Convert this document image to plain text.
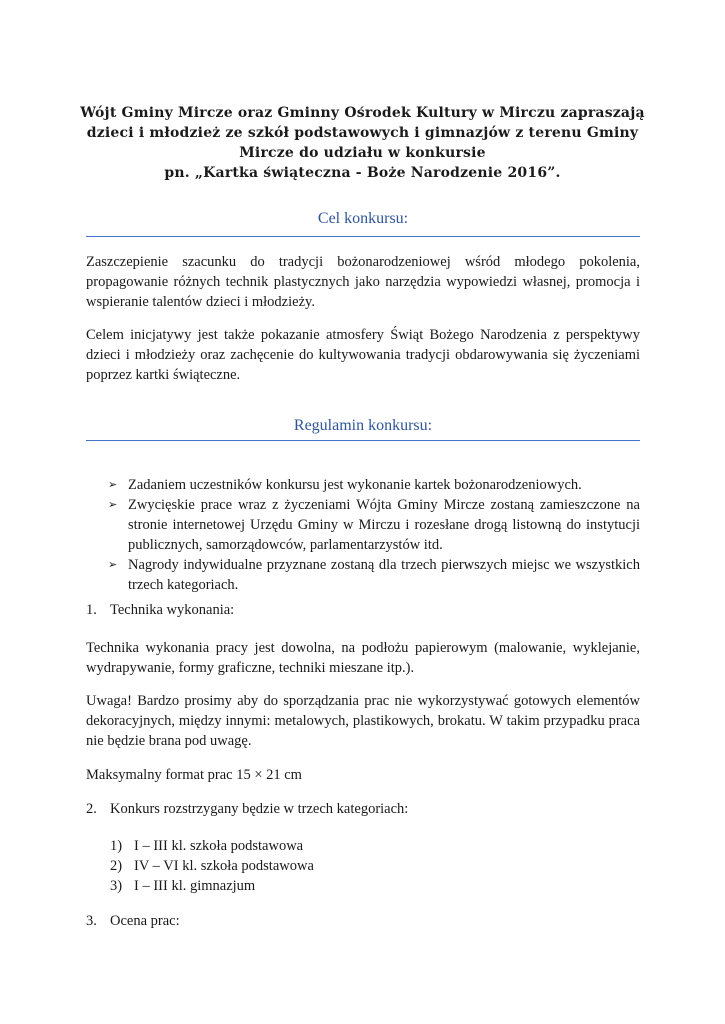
Wójt Gminy Mircze oraz Gminny Ośrodek Kultury w Mirczu zapraszają
dzieci i młodzież ze szkół podstawowych i gimnazjów z terenu Gminy
Mircze do udziału w konkursie
pn. „Kartka świąteczna - Boże Narodzenie 2016”.
Cel konkursu:
Zaszczepienie szacunku do tradycji bożonarodzeniowej wśród młodego pokolenia, propagowanie różnych technik plastycznych jako narzędzia wypowiedzi własnej, promocja i wspieranie talentów dzieci i młodzieży.
Celem inicjatywy jest także pokazanie atmosfery Świąt Bożego Narodzenia z perspektywy dzieci i młodzieży oraz zachęcenie do kultywowania tradycji obdarowywania się życzeniami poprzez kartki świąteczne.
Regulamin konkursu:
➢ Zadaniem uczestników konkursu jest wykonanie kartek bożonarodzeniowych.
➢ Zwycięskie prace wraz z życzeniami Wójta Gminy Mircze zostaną zamieszczone na stronie internetowej Urzędu Gminy w Mirczu i rozesłane drogą listowną do instytucji publicznych, samorządowców, parlamentarzystów itd.
➢ Nagrody indywidualne przyznane zostaną dla trzech pierwszych miejsc we wszystkich trzech kategoriach.
1. Technika wykonania:
Technika wykonania pracy jest dowolna, na podłożu papierowym (malowanie, wyklejanie, wydrapywanie, formy graficzne, techniki mieszane itp.).
Uwaga! Bardzo prosimy aby do sporządzania prac nie wykorzystywać gotowych elementów dekoracyjnych, między innymi: metalowych, plastikowych, brokatu. W takim przypadku praca nie będzie brana pod uwagę.
Maksymalny format prac 15 × 21 cm
2. Konkurs rozstrzygany będzie w trzech kategoriach:
1) I – III kl. szkoła podstawowa
2) IV – VI kl. szkoła podstawowa
3) I – III kl. gimnazjum
3. Ocena prac:
